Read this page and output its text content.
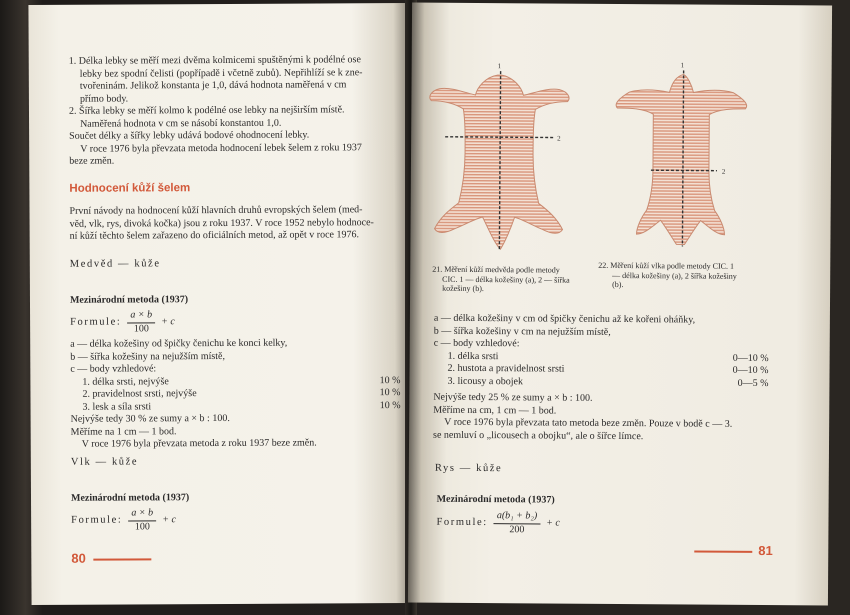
1. Délka lebky se měří mezi dvěma kolmicemi spuštěnými k podélné ose
lebky bez spodní čelisti (popřípadě i včetně zubů). Nepřihlíží se k zne-
tvořeninám. Jelikož konstanta je 1,0, dává hodnota naměřená v cm
přímo body.
2. Šířka lebky se měří kolmo k podélné ose lebky na nejširším místě.
Naměřená hodnota v cm se násobí konstantou 1,0.
Součet délky a šířky lebky udává bodové ohodnocení lebky.
V roce 1976 byla převzata metoda hodnocení lebek šelem z roku 1937
beze změn.
Hodnocení kůží šelem
První návody na hodnocení kůží hlavních druhů evropských šelem (med-
věd, vlk, rys, divoká kočka) jsou z roku 1937. V roce 1952 nebylo hodnoce-
ní kůží těchto šelem zařazeno do oficiálních metod, až opět v roce 1976.
Medvěd — kůže
Mezinárodní metoda (1937)
Formule: $\frac{a \times b}{100} + c$
a — délka kožešiny od špičky čenichu ke konci kelky,
b — šířka kožešiny na nejužším místě,
c — body vzhledové:
1. délka srsti, nejvýše	10 %
2. pravidelnost srsti, nejvýše	10 %
3. lesk a síla srsti	10 %
Nejvýše tedy 30 % ze sumy a × b : 100.
Měříme na 1 cm — 1 bod.
V roce 1976 byla převzata metoda z roku 1937 beze změn.
Vlk — kůže
Mezinárodní metoda (1937)
Formule: $\frac{a \times b}{100} + c$
80
1
2
1
2
21. Měření kůží medvěda podle metody
CIC. 1 — délka kožešiny (a), 2 — šířka
kožešiny (b).
22. Měření kůží vlka podle metody CIC. 1
— délka kožešiny (a), 2 šířka kožešiny
(b).
a — délka kožešiny v cm od špičky čenichu až ke kořeni oháňky,
b — šířka kožešiny v cm na nejužším místě,
c — body vzhledové:
1. délka srsti	0—10 %
2. hustota a pravidelnost srsti	0—10 %
3. licousy a obojek	0—5 %
Nejvýše tedy 25 % ze sumy a × b : 100.
Měříme na cm, 1 cm — 1 bod.
V roce 1976 byla převzata tato metoda beze změn. Pouze v bodě c — 3.
se nemluví o „licousech a obojku“, ale o šířce límce.
Rys — kůže
Mezinárodní metoda (1937)
Formule: $\frac{\text{a(b₁ + b₂)}}{200} + c$
81
